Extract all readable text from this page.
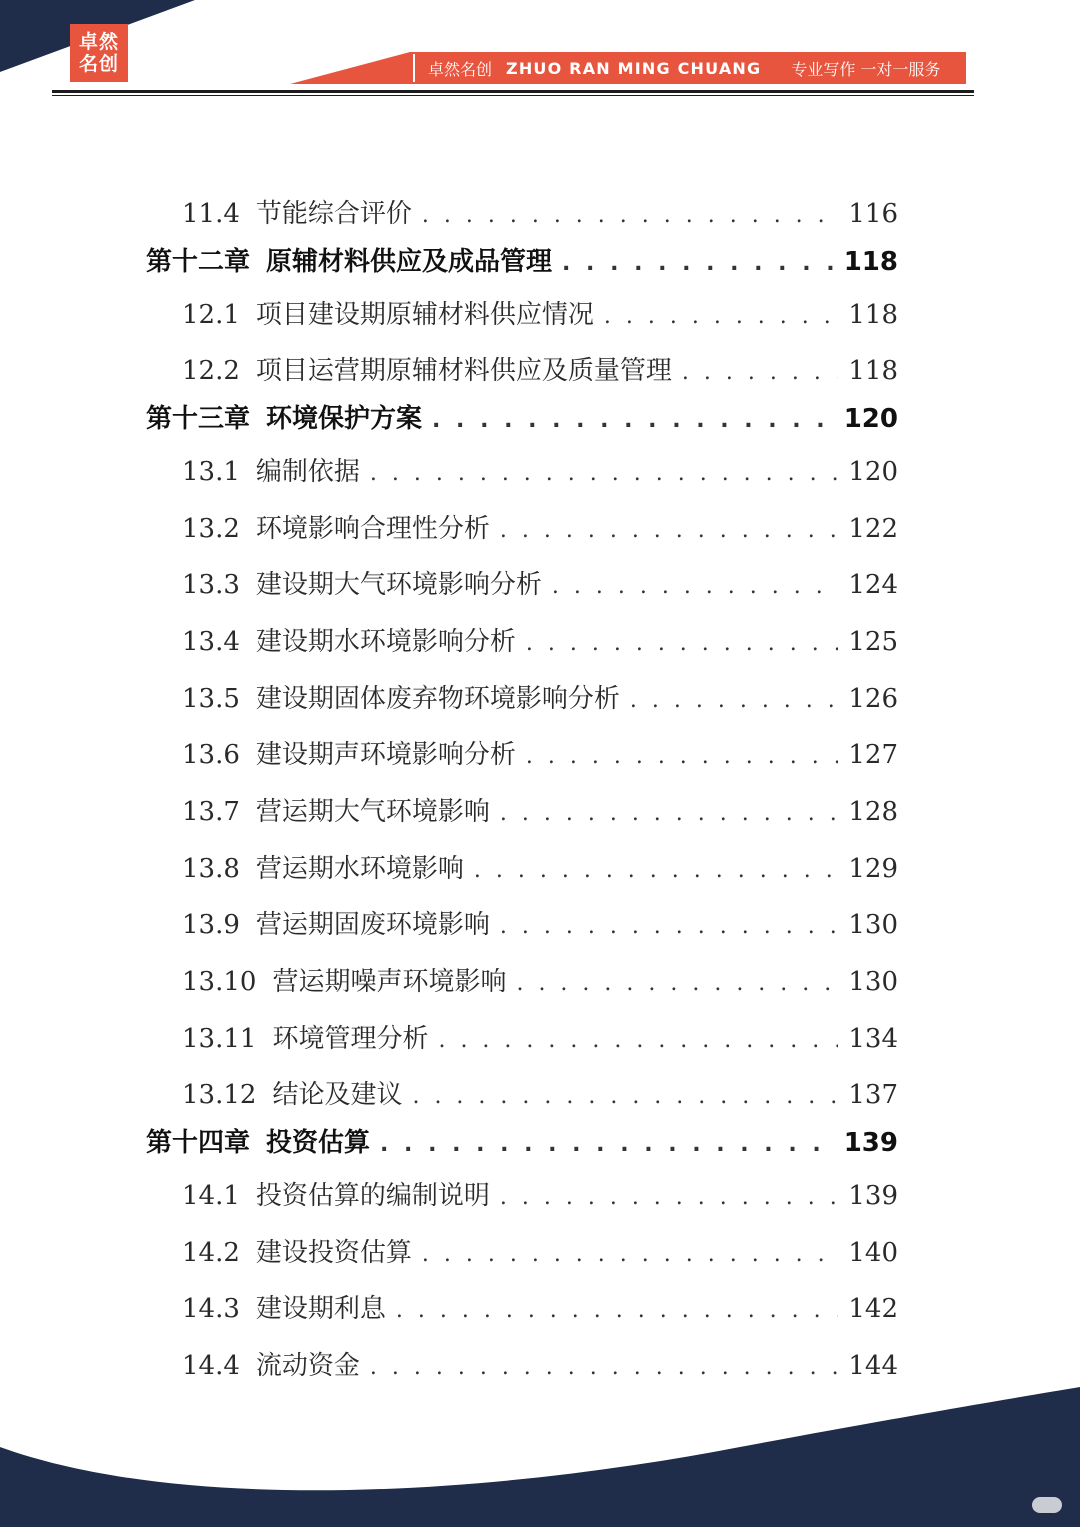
卓然
名创	卓然名创 ZHUO RAN MING CHUANG 专业写作 一对一服务
11.4 节能综合评价 . . .	116
第十二章 原辅材料供应及成品管理 . . .	118
12.1 项目建设期原辅材料供应情况 . . .	118
12.2 项目运营期原辅材料供应及质量管理 . . .	118
第十三章 环境保护方案 . . .	120
13.1 编制依据 . . .	120
13.2 环境影响合理性分析 . . .	122
13.3 建设期大气环境影响分析 . . .	124
13.4 建设期水环境影响分析 . . .	125
13.5 建设期固体废弃物环境影响分析 . . .	126
13.6 建设期声环境影响分析 . . .	127
13.7 营运期大气环境影响 . . .	128
13.8 营运期水环境影响 . . .	129
13.9 营运期固废环境影响 . . .	130
13.10 营运期噪声环境影响 . . .	130
13.11 环境管理分析 . . .	134
13.12 结论及建议 . . .	137
第十四章 投资估算 . . .	139
14.1 投资估算的编制说明 . . .	139
14.2 建设投资估算 . . .	140
14.3 建设期利息 . . .	142
14.4 流动资金 . . .	144
